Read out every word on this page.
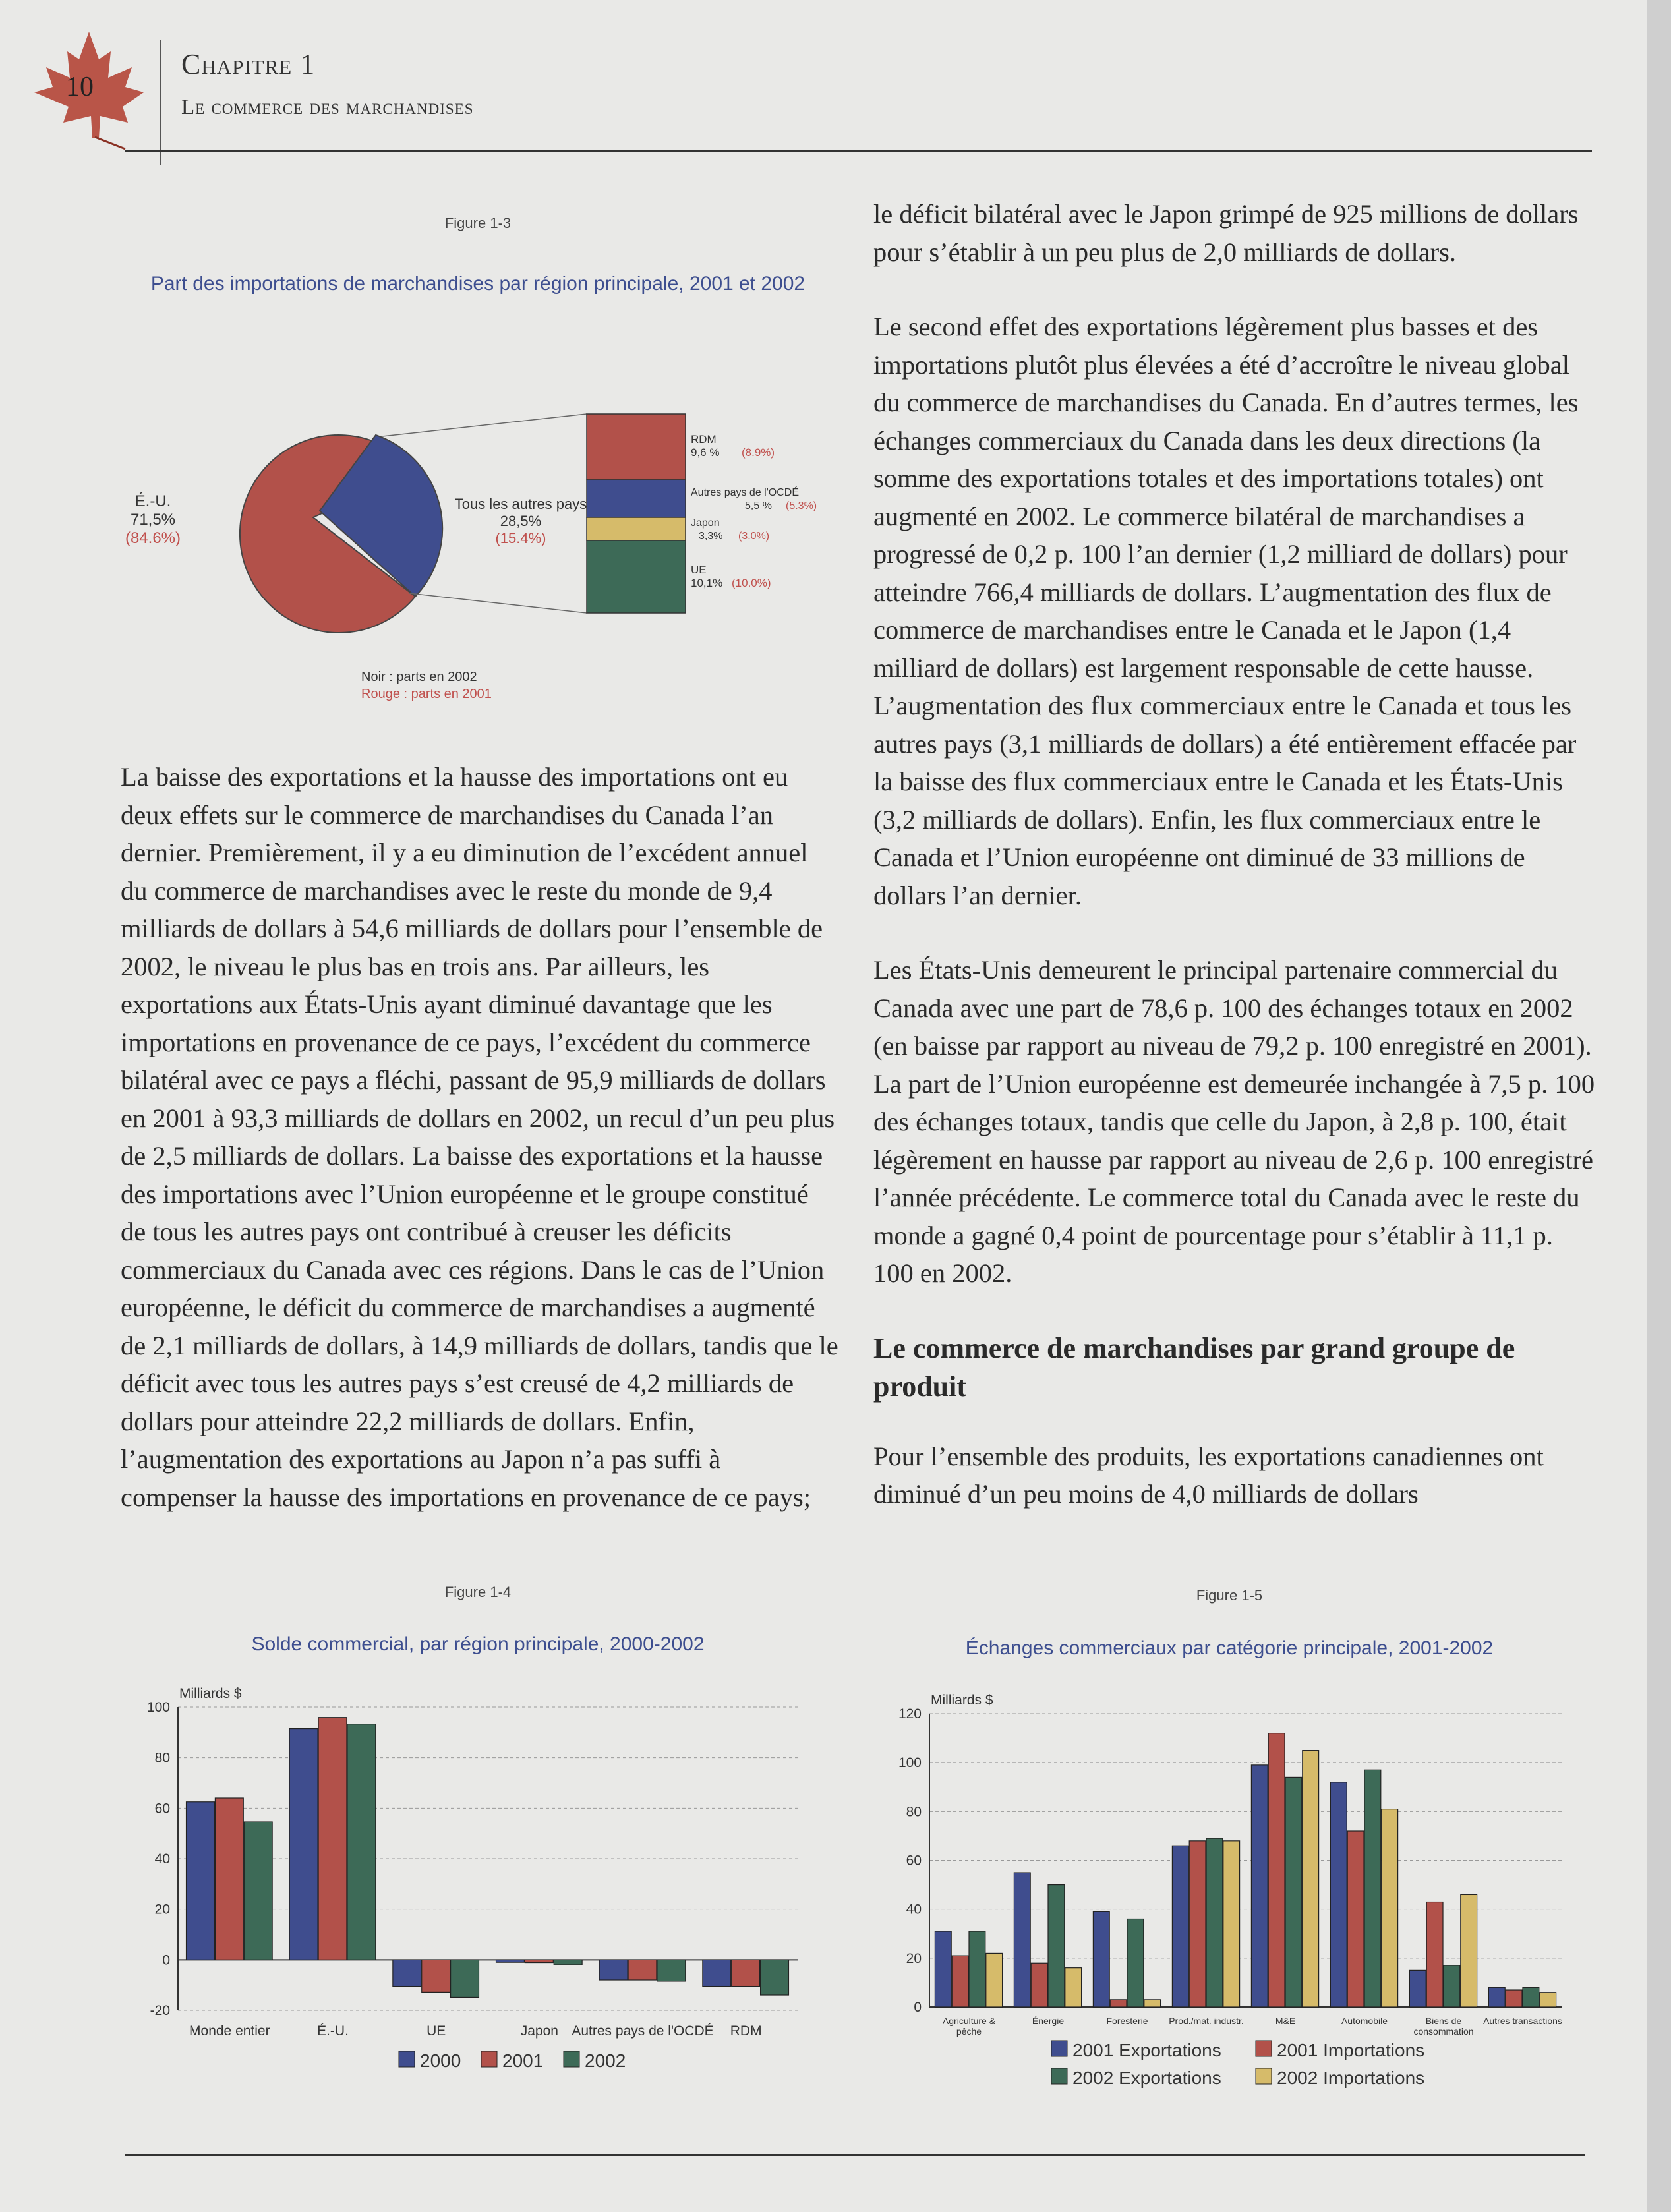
10
Chapitre 1
Le commerce des marchandises
Figure 1-3
Part des importations de marchandises par région principale, 2001 et 2002
É.-U.
71,5%
(84.6%)
Tous les autres pays
28,5%
(15.4%)
RDM
9,6 % (8.9%)
Autres pays de l'OCDÉ
5,5 % (5.3%)
Japon
3,3% (3.0%)
UE
10,1% (10.0%)
Noir : parts en 2002
Rouge : parts en 2001

La baisse des exportations et la hausse des importations ont eu deux effets sur le commerce de marchandises du Canada l’an dernier. Premièrement, il y a eu diminution de l’excédent annuel du commerce de marchandises avec le reste du monde de 9,4 milliards de dollars à 54,6 milliards de dollars pour l’ensemble de 2002, le niveau le plus bas en trois ans. Par ailleurs, les exportations aux États-Unis ayant diminué davantage que les importations en provenance de ce pays, l’excédent du commerce bilatéral avec ce pays a fléchi, passant de 95,9 milliards de dollars en 2001 à 93,3 milliards de dollars en 2002, un recul d’un peu plus de 2,5 milliards de dollars. La baisse des exportations et la hausse des importations avec l’Union européenne et le groupe constitué de tous les autres pays ont contribué à creuser les déficits commerciaux du Canada avec ces régions. Dans le cas de l’Union européenne, le déficit du commerce de marchandises a augmenté de 2,1 milliards de dollars, à 14,9 milliards de dollars, tandis que le déficit avec tous les autres pays s’est creusé de 4,2 milliards de dollars pour atteindre 22,2 milliards de dollars. Enfin, l’augmentation des exportations au Japon n’a pas suffi à compenser la hausse des importations en provenance de ce pays;

le déficit bilatéral avec le Japon grimpé de 925 millions de dollars pour s’établir à un peu plus de 2,0 milliards de dollars.

Le second effet des exportations légèrement plus basses et des importations plutôt plus élevées a été d’accroître le niveau global du commerce de marchandises du Canada. En d’autres termes, les échanges commerciaux du Canada dans les deux directions (la somme des exportations totales et des importations totales) ont augmenté en 2002. Le commerce bilatéral de marchandises a progressé de 0,2 p. 100 l’an dernier (1,2 milliard de dollars) pour atteindre 766,4 milliards de dollars. L’augmentation des flux de commerce de marchandises entre le Canada et le Japon (1,4 milliard de dollars) est largement responsable de cette hausse. L’augmentation des flux commerciaux entre le Canada et tous les autres pays (3,1 milliards de dollars) a été entièrement effacée par la baisse des flux commerciaux entre le Canada et les États-Unis (3,2 milliards de dollars). Enfin, les flux commerciaux entre le Canada et l’Union européenne ont diminué de 33 millions de dollars l’an dernier.

Les États-Unis demeurent le principal partenaire commercial du Canada avec une part de 78,6 p. 100 des échanges totaux en 2002 (en baisse par rapport au niveau de 79,2 p. 100 enregistré en 2001). La part de l’Union européenne est demeurée inchangée à 7,5 p. 100 des échanges totaux, tandis que celle du Japon, à 2,8 p. 100, était légèrement en hausse par rapport au niveau de 2,6 p. 100 enregistré l’année précédente. Le commerce total du Canada avec le reste du monde a gagné 0,4 point de pourcentage pour s’établir à 11,1 p. 100 en 2002.

Le commerce de marchandises par grand groupe de produit

Pour l’ensemble des produits, les exportations canadiennes ont diminué d’un peu moins de 4,0 milliards de dollars

Figure 1-4
Solde commercial, par région principale, 2000-2002
Milliards $
100
80
60
40
20
0
-20
Monde entier	É.-U.	UE	Japon Autres pays de l'OCDÉ RDM
2000 2001 2002
Figure 1-5
Échanges commerciaux par catégorie principale, 2001-2002
Milliards $
120
100
80
60
40
20
0
Agriculture &
pêche
Énergie	Foresterie Prod./mat. industr.	M&E	Automobile	Biens de
consommation
Autres transactions
2001 Exportations	2001 Importations
2002 Exportations	2002 Importations
